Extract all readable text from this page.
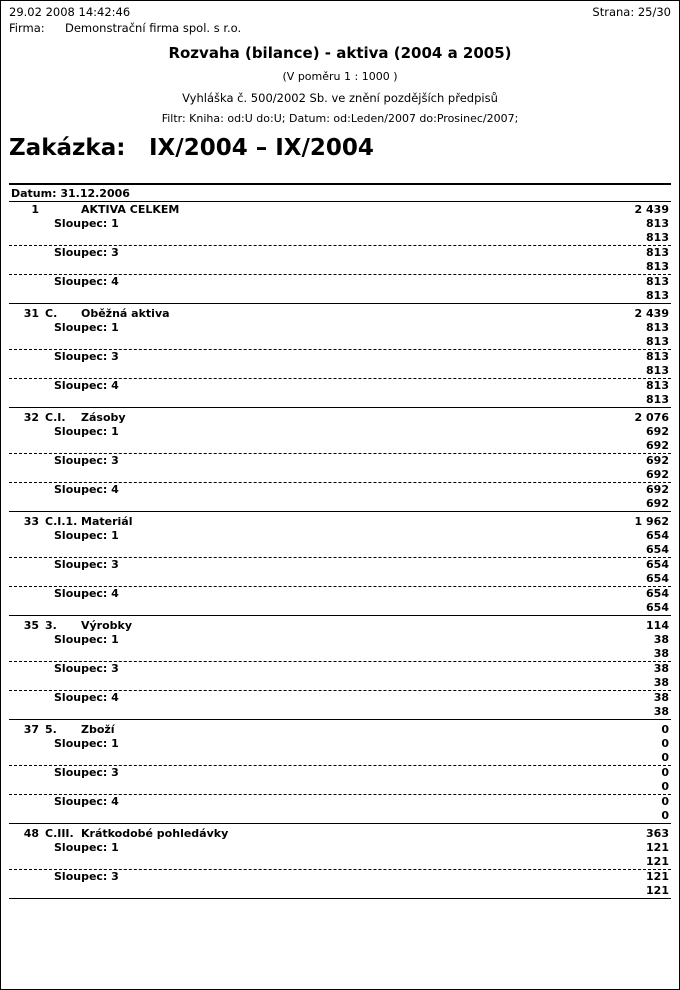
29.02 2008 14:42:46	Strana: 25/30
Firma:	Demonstrační firma spol. s r.o.
Rozvaha (bilance) - aktiva (2004 a 2005)
(V poměru 1 : 1000 )
Vyhláška č. 500/2002 Sb. ve znění pozdějších předpisů
Filtr: Kniha: od:U do:U; Datum: od:Leden/2007 do:Prosinec/2007;
Zakázka:	IX/2004 – IX/2004
Datum: 31.12.2006
1	AKTIVA CELKEM	2 439
Sloupec: 1	813
813
Sloupec: 3	813
813
Sloupec: 4	813
813
31 C.	Oběžná aktiva	2 439
Sloupec: 1	813
813
Sloupec: 3	813
813
Sloupec: 4	813
813
32 C.I.	Zásoby	2 076
Sloupec: 1	692
692
Sloupec: 3	692
692
Sloupec: 4	692
692
33 C.I.1. Materiál	1 962
Sloupec: 1	654
654
Sloupec: 3	654
654
Sloupec: 4	654
654
35 3.	Výrobky	114
Sloupec: 1	38
38
Sloupec: 3	38
38
Sloupec: 4	38
38
37 5.	Zboží	0
Sloupec: 1	0
0
Sloupec: 3	0
0
Sloupec: 4	0
0
48 C.III. Krátkodobé pohledávky	363
Sloupec: 1	121
121
Sloupec: 3	121
121
